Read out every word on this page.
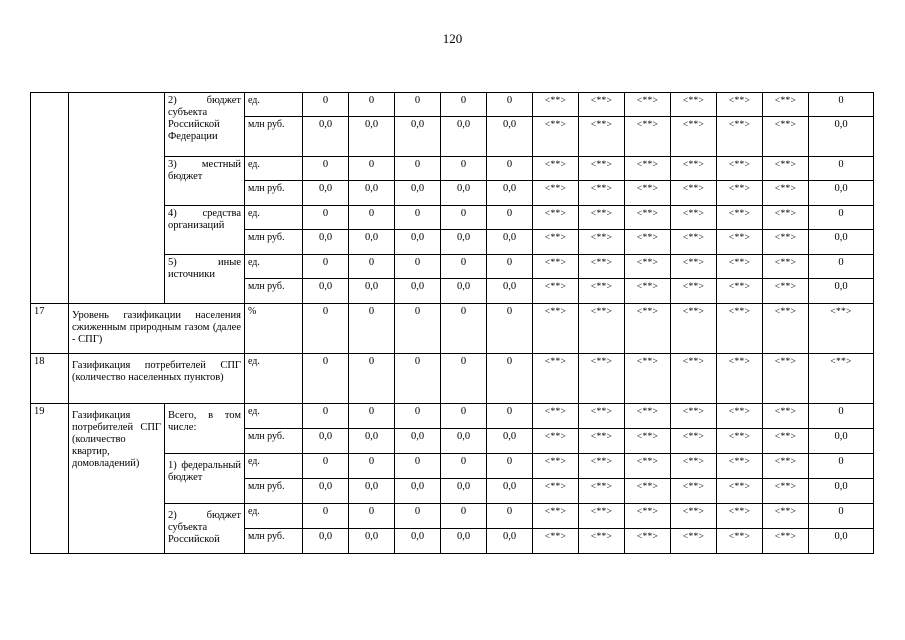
120
		2) бюджет субъекта Российской Федерации	ед.	0	0	0	0	0	<**>	<**>	<**>	<**>	<**>	<**>	0
			млн руб.	0,0	0,0	0,0	0,0	0,0	<**>	<**>	<**>	<**>	<**>	<**>	0,0
		3) местный бюджет	ед.	0	0	0	0	0	<**>	<**>	<**>	<**>	<**>	<**>	0
			млн руб.	0,0	0,0	0,0	0,0	0,0	<**>	<**>	<**>	<**>	<**>	<**>	0,0
		4) средства организаций	ед.	0	0	0	0	0	<**>	<**>	<**>	<**>	<**>	<**>	0
			млн руб.	0,0	0,0	0,0	0,0	0,0	<**>	<**>	<**>	<**>	<**>	<**>	0,0
		5) иные источники	ед.	0	0	0	0	0	<**>	<**>	<**>	<**>	<**>	<**>	0
			млн руб.	0,0	0,0	0,0	0,0	0,0	<**>	<**>	<**>	<**>	<**>	<**>	0,0
17	Уровень газификации населения сжиженным природным газом (далее - СПГ)		%	0	0	0	0	0	<**>	<**>	<**>	<**>	<**>	<**>	<**>
18	Газификация потребителей СПГ (количество населенных пунктов)		ед.	0	0	0	0	0	<**>	<**>	<**>	<**>	<**>	<**>	<**>
19	Газификация потребителей СПГ (количество квартир, домовладений)	Всего, в том числе:	ед.	0	0	0	0	0	<**>	<**>	<**>	<**>	<**>	<**>	0
			млн руб.	0,0	0,0	0,0	0,0	0,0	<**>	<**>	<**>	<**>	<**>	<**>	0,0
		1) федеральный бюджет	ед.	0	0	0	0	0	<**>	<**>	<**>	<**>	<**>	<**>	0
			млн руб.	0,0	0,0	0,0	0,0	0,0	<**>	<**>	<**>	<**>	<**>	<**>	0,0
		2) бюджет субъекта Российской	ед.	0	0	0	0	0	<**>	<**>	<**>	<**>	<**>	<**>	0
			млн руб.	0,0	0,0	0,0	0,0	0,0	<**>	<**>	<**>	<**>	<**>	<**>	0,0
